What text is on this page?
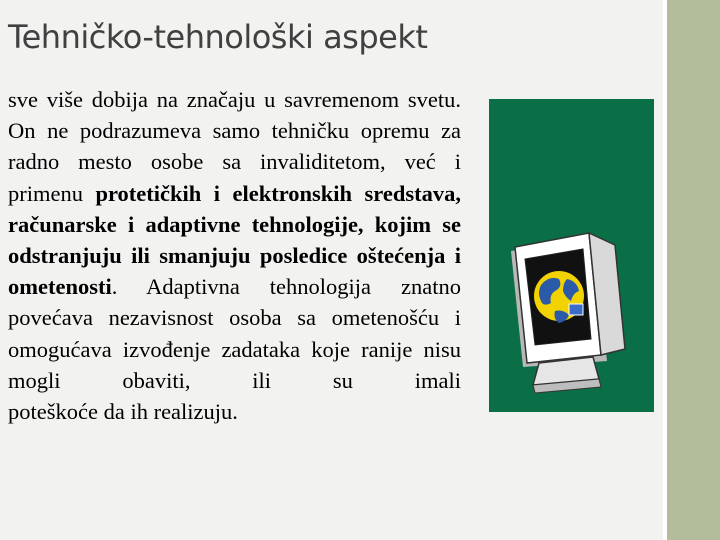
Tehničko-tehnološki aspekt
sve više dobija na značaju u savremenom svetu. On ne podrazumeva samo tehničku opremu za radno mesto osobe sa invaliditetom, već i primenu protetičkih i elektronskih sredstava, računarske i adaptivne tehnologije, kojim se odstranjuju ili smanjuju posledice oštećenja i ometenosti. Adaptivna tehnologija znatno povećava nezavisnost osoba sa ometenošću i omogućava izvođenje zadataka koje ranije nisu mogli obaviti, ili su imali
poteškoće da ih realizuju.
